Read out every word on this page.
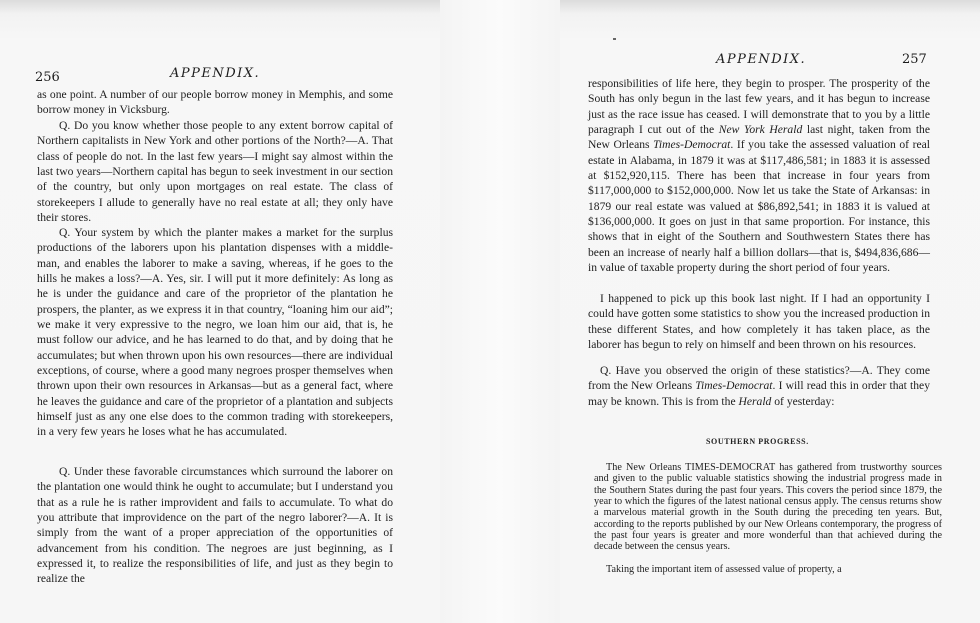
256	APPENDIX.

as one point. A number of our people borrow money in Memphis, and some borrow money in Vicksburg.

Q. Do you know whether those people to any extent borrow capital of Northern capitalists in New York and other portions of the North?—A. That class of people do not. In the last few years—I might say almost within the last two years—Northern capital has begun to seek investment in our section of the country, but only upon mortgages on real estate. The class of storekeepers I allude to generally have no real estate at all; they only have their stores.

Q. Your system by which the planter makes a market for the surplus productions of the laborers upon his plantation dispenses with a middle-man, and enables the laborer to make a saving, whereas, if he goes to the hills he makes a loss?—A. Yes, sir. I will put it more definitely: As long as he is under the guidance and care of the proprietor of the plantation he prospers, the planter, as we express it in that country, “loaning him our aid”; we make it very expressive to the negro, we loan him our aid, that is, he must follow our advice, and he has learned to do that, and by doing that he accumulates; but when thrown upon his own resources—there are individual exceptions, of course, where a good many negroes prosper themselves when thrown upon their own resources in Arkansas—but as a general fact, where he leaves the guidance and care of the proprietor of a plantation and subjects himself just as any one else does to the common trading with storekeepers, in a very few years he loses what he has accumulated.

Q. Under these favorable circumstances which surround the laborer on the plantation one would think he ought to accumulate; but I understand you that as a rule he is rather improvident and fails to accumulate. To what do you attribute that improvidence on the part of the negro laborer?—A. It is simply from the want of a proper appreciation of the opportunities of advancement from his condition. The negroes are just beginning, as I expressed it, to realize the responsibilities of life, and just as they begin to realize the

APPENDIX.	257

responsibilities of life here, they begin to prosper. The prosperity of the South has only begun in the last few years, and it has begun to increase just as the race issue has ceased. I will demonstrate that to you by a little paragraph I cut out of the New York Herald last night, taken from the New Orleans Times-Democrat. If you take the assessed valuation of real estate in Alabama, in 1879 it was at $117,486,581; in 1883 it is assessed at $152,920,115. There has been that increase in four years from $117,000,000 to $152,000,000. Now let us take the State of Arkansas: in 1879 our real estate was valued at $86,892,541; in 1883 it is valued at $136,000,000. It goes on just in that same proportion. For instance, this shows that in eight of the Southern and Southwestern States there has been an increase of nearly half a billion dollars—that is, $494,836,686—in value of taxable property during the short period of four years.

I happened to pick up this book last night. If I had an opportunity I could have gotten some statistics to show you the increased production in these different States, and how completely it has taken place, as the laborer has begun to rely on himself and been thrown on his resources.

Q. Have you observed the origin of these statistics?—A. They come from the New Orleans Times-Democrat. I will read this in order that they may be known. This is from the Herald of yesterday:

SOUTHERN PROGRESS.

The New Orleans TIMES-DEMOCRAT has gathered from trustworthy sources and given to the public valuable statistics showing the industrial progress made in the Southern States during the past four years. This covers the period since 1879, the year to which the figures of the latest national census apply. The census returns show a marvelous material growth in the South during the preceding ten years. But, according to the reports published by our New Orleans contemporary, the progress of the past four years is greater and more wonderful than that achieved during the decade between the census years.

Taking the important item of assessed value of property, a
